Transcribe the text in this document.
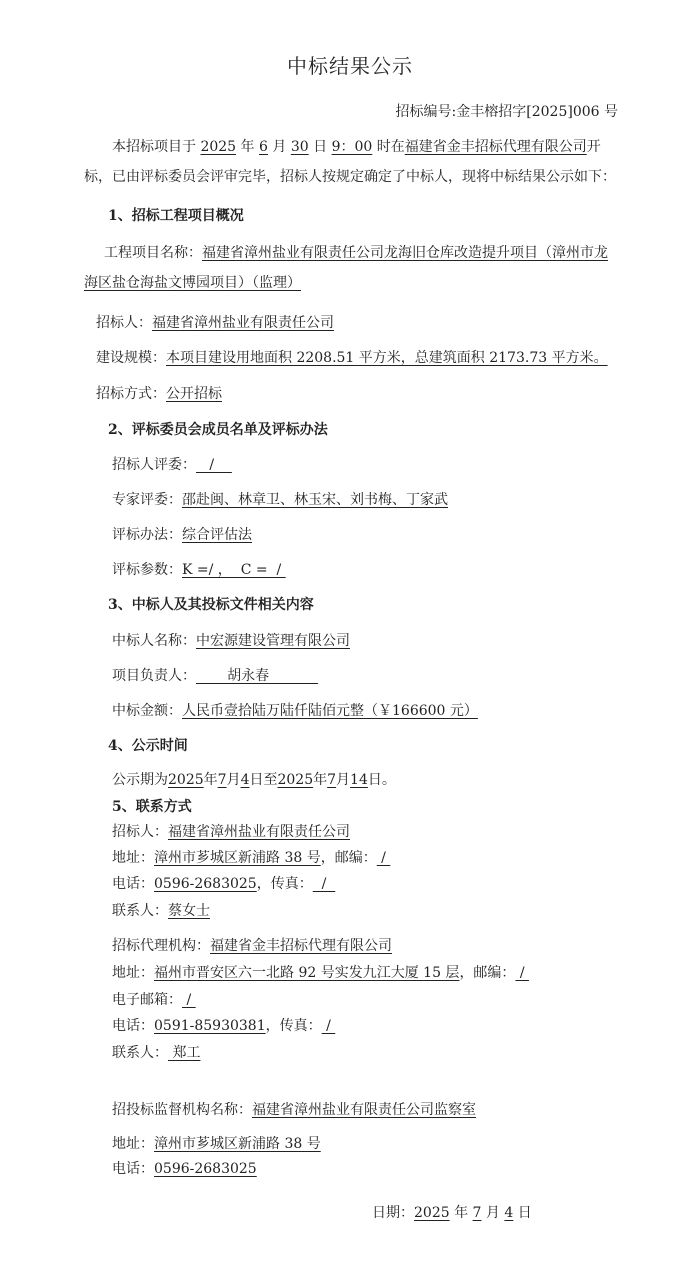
中标结果公示
招标编号:金丰榕招字[2025]006 号
本招标项目于 2025 年 6 月 30 日 9：00 时在福建省金丰招标代理有限公司开标，已由评标委员会评审完毕，招标人按规定确定了中标人，现将中标结果公示如下：
1、招标工程项目概况
工程项目名称：福建省漳州盐业有限责任公司龙海旧仓库改造提升项目（漳州市龙海区盐仓海盐文博园项目）（监理）
招标人：福建省漳州盐业有限责任公司
建设规模：本项目建设用地面积 2208.51 平方米，总建筑面积 2173.73 平方米。
招标方式：公开招标
2、评标委员会成员名单及评标办法
招标人评委：   /
专家评委：邵赴闽、林章卫、林玉宋、刘书梅、丁家武
评标办法：综合评估法
评标参数：K =/ ，  C =  /
3、中标人及其投标文件相关内容
中标人名称：中宏源建设管理有限公司
项目负责人：       胡永春
中标金额：人民币壹拾陆万陆仟陆佰元整（￥166600 元）
4、公示时间
公示期为2025年7月4日至2025年7月14日。
5、联系方式
招标人：福建省漳州盐业有限责任公司
地址：漳州市芗城区新浦路 38 号，邮编： /
电话：0596-2683025，传真：  /
联系人：蔡女士
招标代理机构：福建省金丰招标代理有限公司
地址：福州市晋安区六一北路 92 号实发九江大厦 15 层，邮编： /
电子邮箱： /
电话：0591-85930381，传真： /
联系人： 郑工
招投标监督机构名称：福建省漳州盐业有限责任公司监察室
地址：漳州市芗城区新浦路 38 号
电话：0596-2683025
日期：2025 年 7 月 4 日
